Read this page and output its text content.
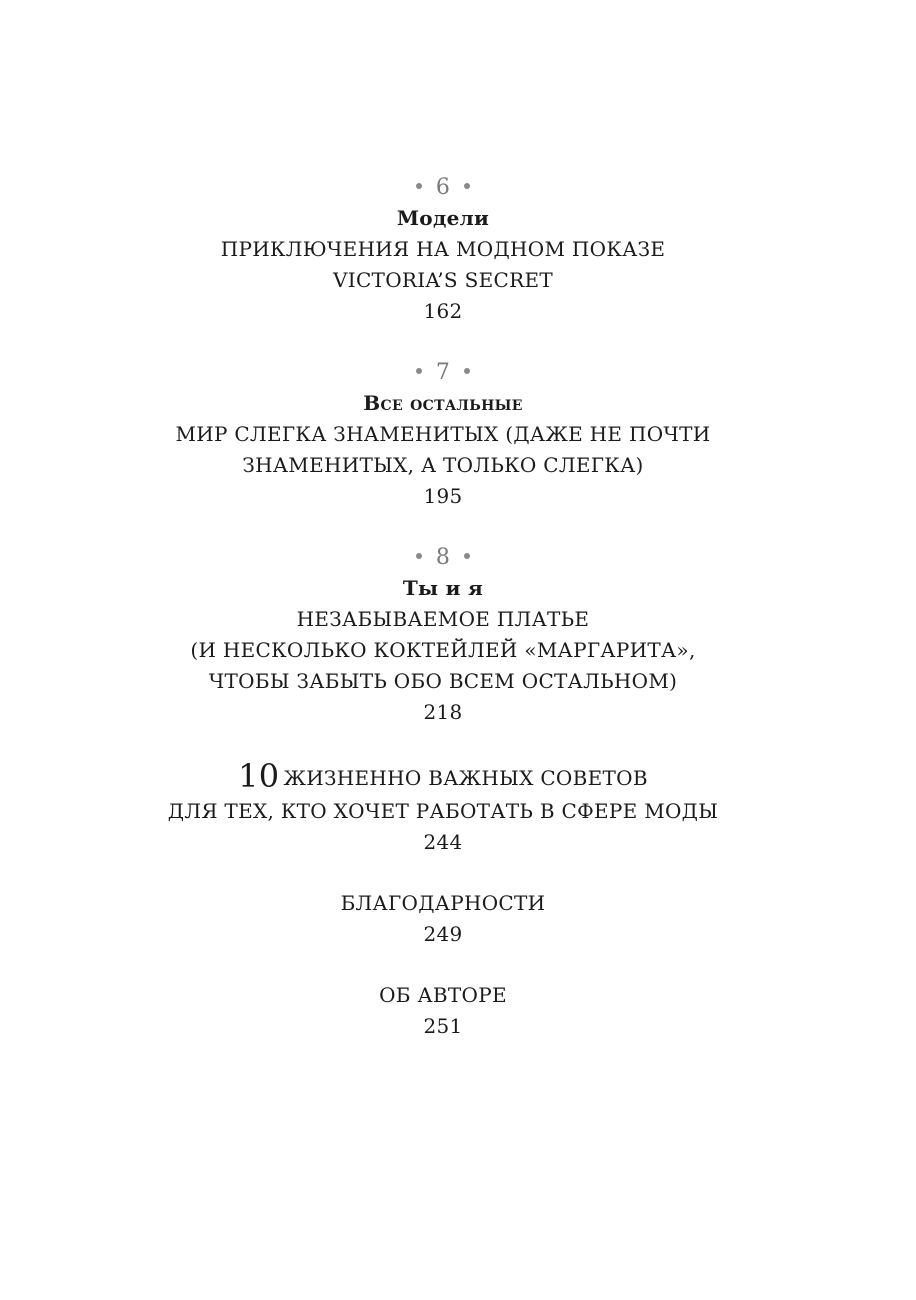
6
Модели
ПРИКЛЮЧЕНИЯ НА МОДНОМ ПОКАЗЕ
VICTORIA’S SECRET
162
7
Все остальные
МИР СЛЕГКА ЗНАМЕНИТЫХ (ДАЖЕ НЕ ПОЧТИ
ЗНАМЕНИТЫХ, А ТОЛЬКО СЛЕГКА)
195
8
Ты и я
НЕЗАБЫВАЕМОЕ ПЛАТЬЕ
(И НЕСКОЛЬКО КОКТЕЙЛЕЙ «МАРГАРИТА»,
ЧТОБЫ ЗАБЫТЬ ОБО ВСЕМ ОСТАЛЬНОМ)
218
10 ЖИЗНЕННО ВАЖНЫХ СОВЕТОВ
ДЛЯ ТЕХ, КТО ХОЧЕТ РАБОТАТЬ В СФЕРЕ МОДЫ
244
БЛАГОДАРНОСТИ
249
ОБ АВТОРЕ
251
